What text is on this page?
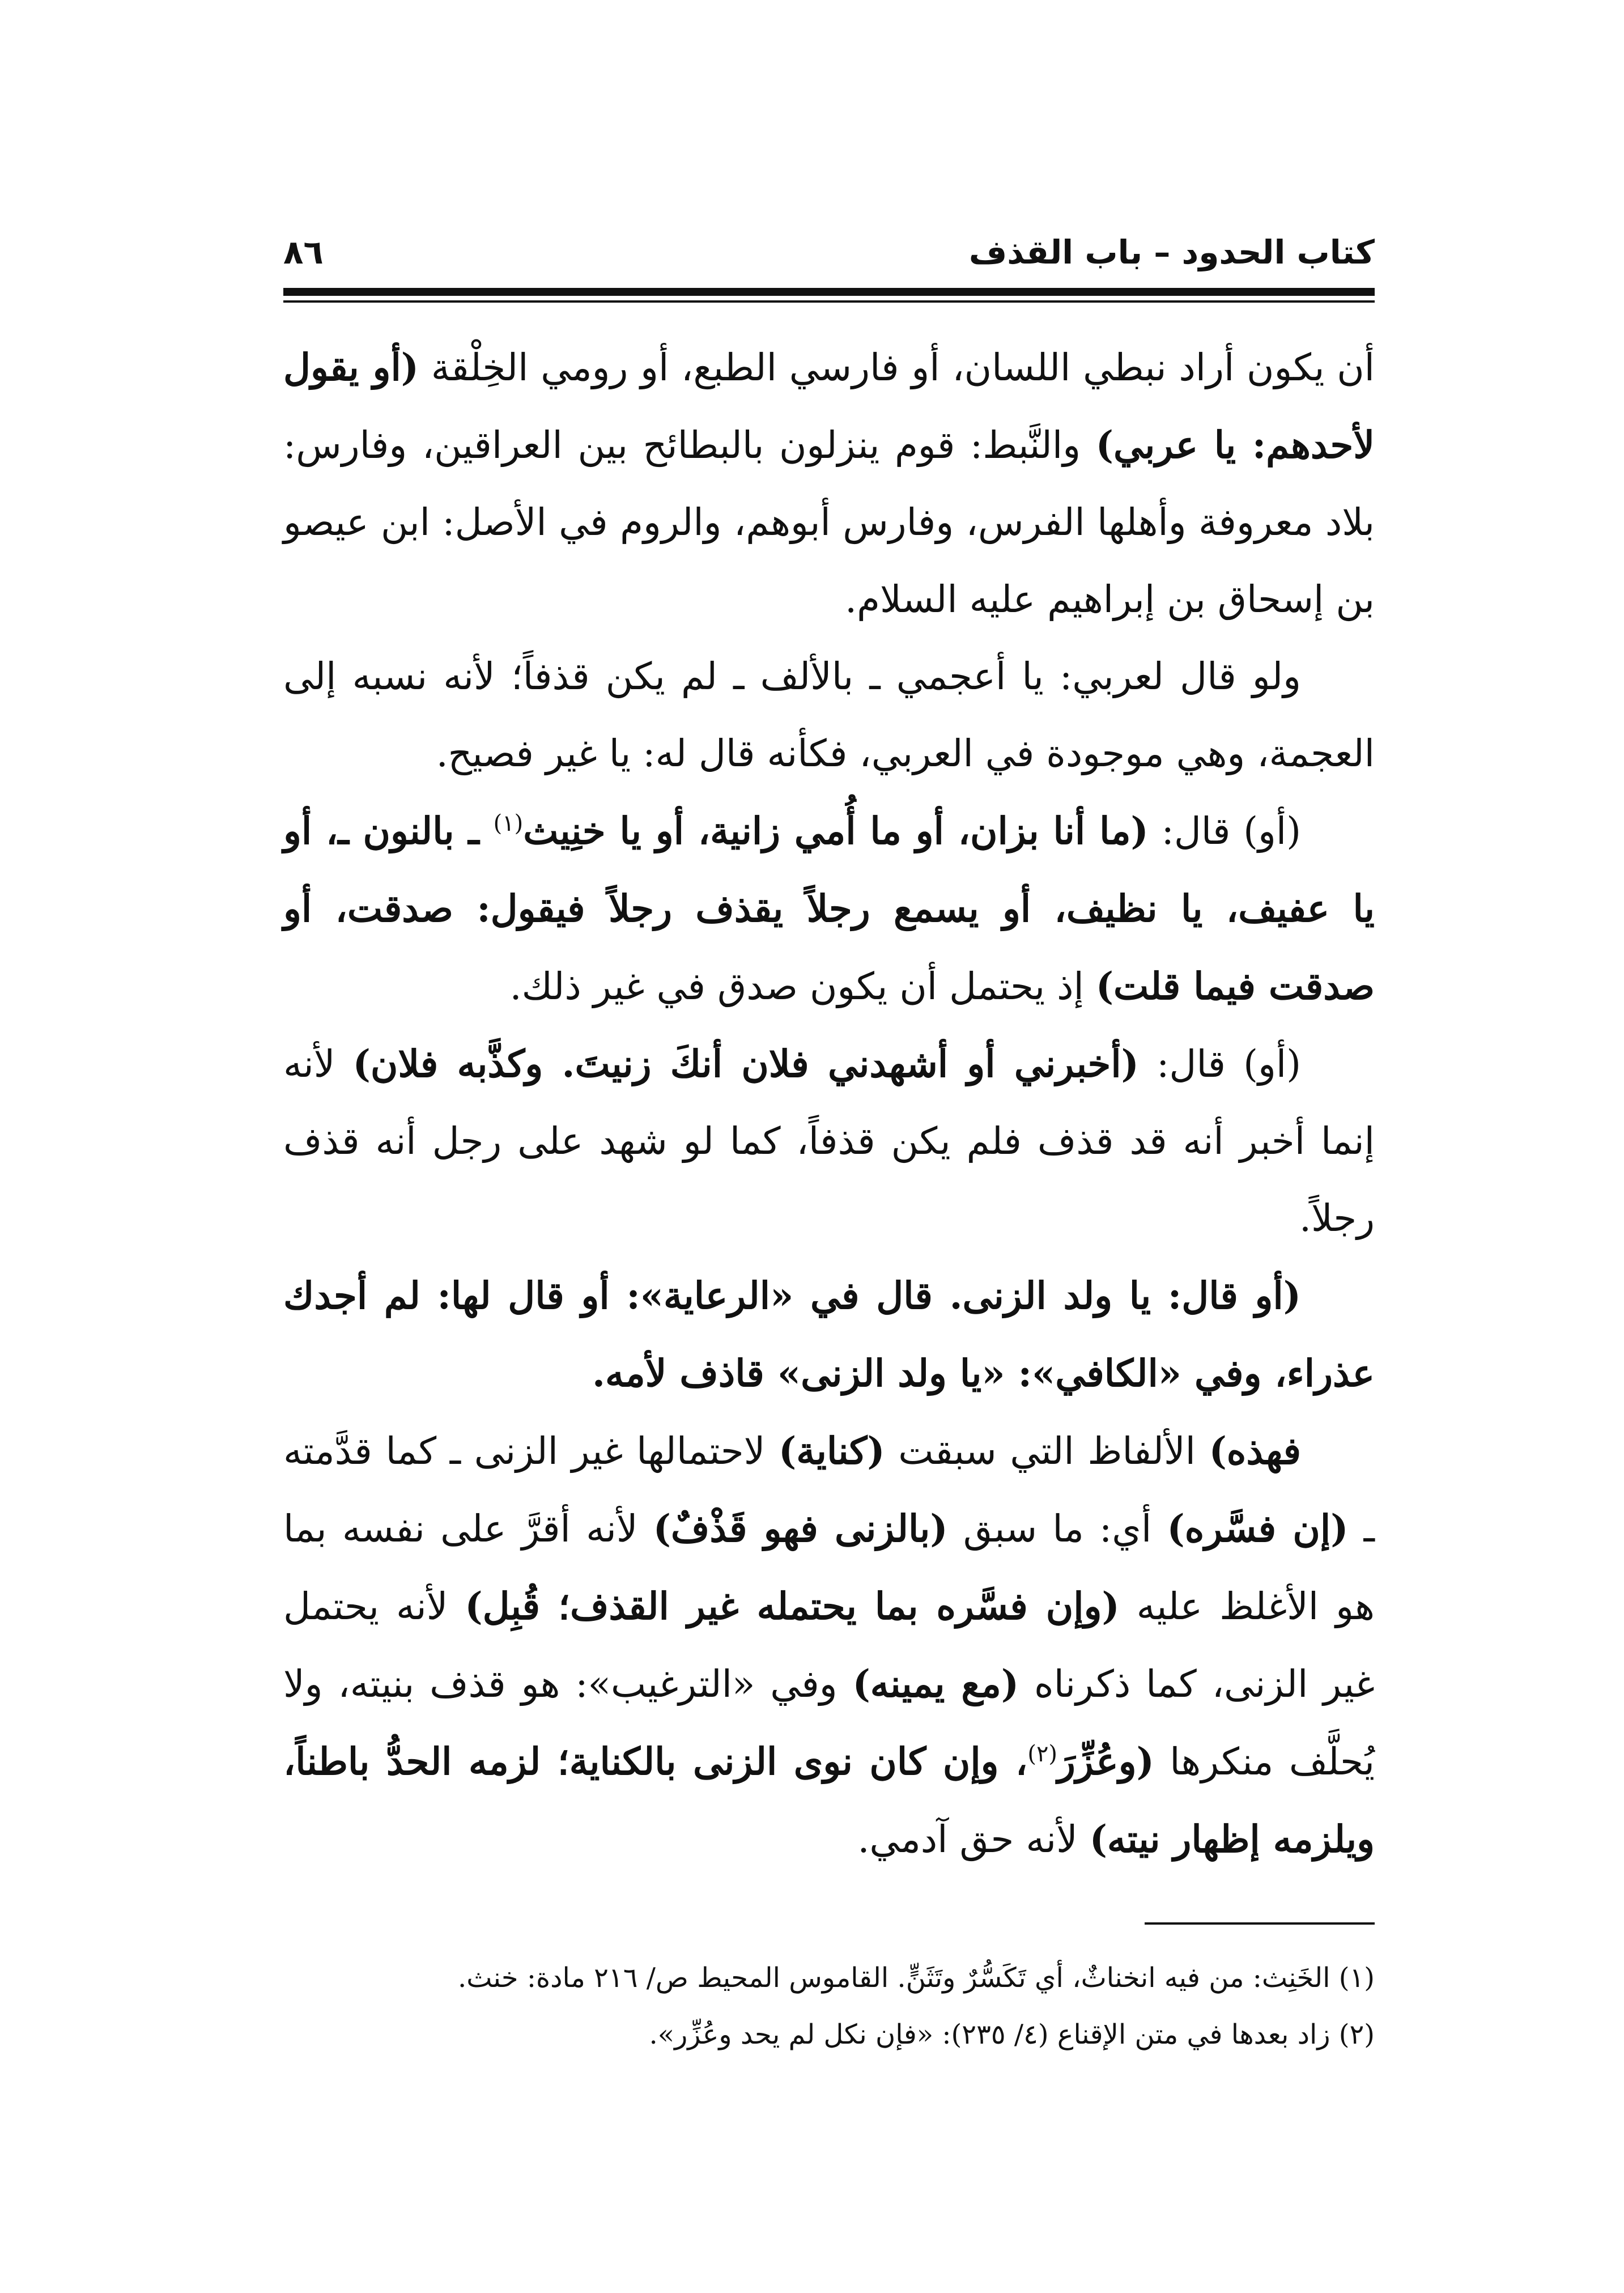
كتاب الحدود – باب القذف
٨٦

أن يكون أراد نبطي اللسان، أو فارسي الطبع، أو رومي الخِلْقة (أو يقول لأحدهم: يا عربي) والنَّبط: قوم ينزلون بالبطائح بين العراقين، وفارس: بلاد معروفة وأهلها الفرس، وفارس أبوهم، والروم في الأصل: ابن عيصو بن إسحاق بن إبراهيم عليه السلام.

ولو قال لعربي: يا أعجمي ـ بالألف ـ لم يكن قذفاً؛ لأنه نسبه إلى العجمة، وهي موجودة في العربي، فكأنه قال له: يا غير فصيح.

(أو) قال: (ما أنا بزان، أو ما أُمي زانية، أو يا خنِيث$^{(١)}$ ـ بالنون ـ، أو يا عفيف، يا نظيف، أو يسمع رجلاً يقذف رجلاً فيقول: صدقت، أو صدقت فيما قلت) إذ يحتمل أن يكون صدق في غير ذلك.

(أو) قال: (أخبرني أو أشهدني فلان أنكَ زنيتَ. وكذَّبه فلان) لأنه إنما أخبر أنه قد قذف فلم يكن قذفاً، كما لو شهد على رجل أنه قذف رجلاً.

(أو قال: يا ولد الزنى. قال في «الرعاية»: أو قال لها: لم أجدك عذراء، وفي «الكافي»: «يا ولد الزنى» قاذف لأمه.

فهذه) الألفاظ التي سبقت (كناية) لاحتمالها غير الزنى ـ كما قدَّمته ـ (إن فسَّره) أي: ما سبق (بالزنى فهو قَذْفٌ) لأنه أقرَّ على نفسه بما هو الأغلظ عليه (وإن فسَّره بما يحتمله غير القذف؛ قُبِل) لأنه يحتمل غير الزنى، كما ذكرناه (مع يمينه) وفي «الترغيب»: هو قذف بنيته، ولا يُحلَّف منكرها (وعُزِّرَ$^{(٢)}$، وإن كان نوى الزنى بالكناية؛ لزمه الحدُّ باطناً، ويلزمه إظهار نيته) لأنه حق آدمي.

(١) الخَنِث: من فيه انخناثٌ، أي تَكَسُّرٌ وتَثَنٍّ. القاموس المحيط ص/ ٢١٦ مادة: خنث.

(٢) زاد بعدها في متن الإقناع (٤/ ٢٣٥): «فإن نكل لم يحد وعُزِّر».
